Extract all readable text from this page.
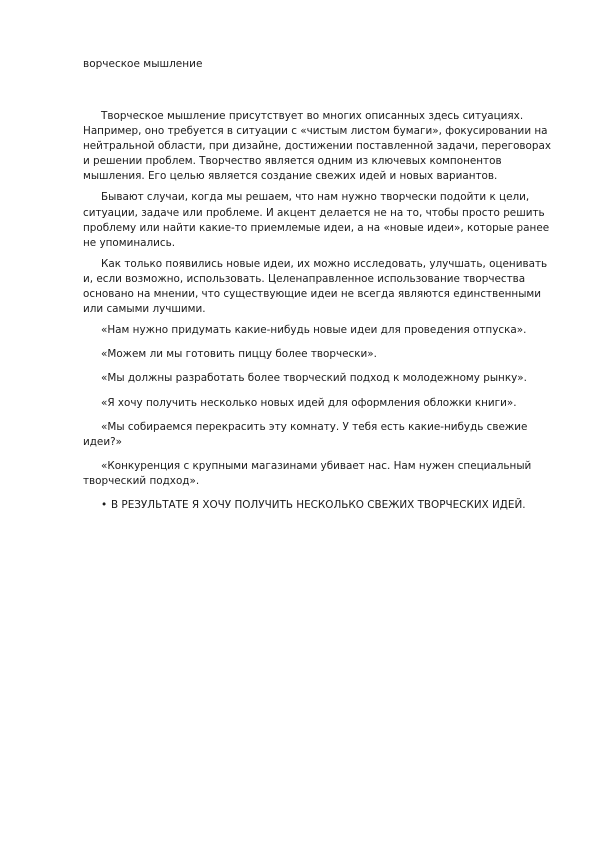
ворческое мышление

Творческое мышление присутствует во многих описанных здесь ситуациях. Например, оно требуется в ситуации с «чистым листом бумаги», фокусировании на нейтральной области, при дизайне, достижении поставленной задачи, переговорах и решении проблем. Творчество является одним из ключевых компонентов мышления. Его целью является создание свежих идей и новых вариантов.

Бывают случаи, когда мы решаем, что нам нужно творчески подойти к цели, ситуации, задаче или проблеме. И акцент делается не на то, чтобы просто решить проблему или найти какие-то приемлемые идеи, а на «новые идеи», которые ранее не упоминались.

Как только появились новые идеи, их можно исследовать, улучшать, оценивать и, если возможно, использовать. Целенаправленное использование творчества основано на мнении, что существующие идеи не всегда являются единственными или самыми лучшими.

«Нам нужно придумать какие-нибудь новые идеи для проведения отпуска».

«Можем ли мы готовить пиццу более творчески».

«Мы должны разработать более творческий подход к молодежному рынку».

«Я хочу получить несколько новых идей для оформления обложки книги».

«Мы собираемся перекрасить эту комнату. У тебя есть какие-нибудь свежие идеи?»

«Конкуренция с крупными магазинами убивает нас. Нам нужен специальный творческий подход».

• В РЕЗУЛЬТАТЕ Я ХОЧУ ПОЛУЧИТЬ НЕСКОЛЬКО СВЕЖИХ ТВОРЧЕСКИХ ИДЕЙ.
